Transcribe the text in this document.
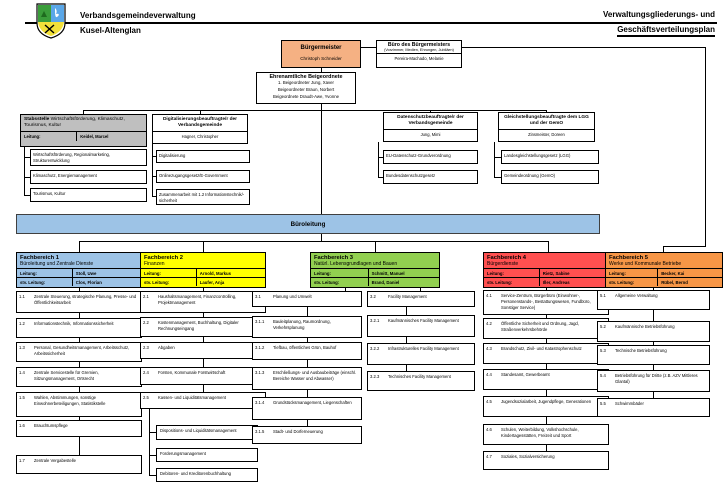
Verbandsgemeindeverwaltung
Kusel-Altenglan
Verwaltungsgliederungs- und
Geschäftsverteilungsplan
Bürgermeister
Christoph Schneider
Büro des Bürgermeisters
(Vorzimmer, Medien, Ehrungen, Jubiläen)
Pereira-Machado, Melanie
Ehrenamtliche Beigeordnete
1. Beigeordneter Jung, Xaver
Beigeordneter Braun, Norbert
Beigeordnete Draudt-Awe, Yvonne
Stabsstelle Wirtschaftsförderung, Klimaschutz, Tourismus, Kultur
Leitung:	Keidel, Marcel
Wirtschaftsförderung, Regionalmarketing, Strukturentwicklung
Klimaschutz, Energiemanagement
Tourismus, Kultur
Digitalisierungsbeauftragte/r der Verbandsgemeinde
Hagner, Christopher
Digitalisierung
Onlinezugangsgesetz/E-Government
Zusammenarbeit mit 1.2 Informationstechnik/-sicherheit
Datenschutzbeauftragte/r der Verbandsgemeinde
Jung, Mimi
EU-Datenschutz-Grundverordnung
Bundesdatenschutzgesetz
Gleichstellungsbeauftragte dem LGG und der GemO
Zinsmeister, Doreen
Landesgleichstellungsgesetz (LGG)
Gemeindeordnung (GemO)
Büroleitung
Fachbereich 1
Büroleitung und Zentrale Dienste
Leitung:	Stoll, Uwe
stv. Leitung:	Clos, Florian
1.1	Zentrale Steuerung, strategische Planung, Presse- und Öffentlichkeitsarbeit
1.2	Informationstechnik, Informationssicherheit
1.3	Personal, Gesundheitsmanagement, Arbeitsschutz, Arbeitssicherheit
1.4	Zentrale Servicestelle für Gremien, Sitzungsmanagement, Ortsrecht
1.5	Wahlen, Abstimmungen, sonstige Einwohnerbeteiligungen, Statistikstelle
1.6	Brauchtumspflege
1.7	Zentrale Vergabestelle
Fachbereich 2
Finanzen
Leitung:	Arnold, Markus
stv. Leitung:	Laufer, Anja
2.1	Haushaltsmanagement, Finanzcontrolling, Projektmanagement
2.2	Kostenmanagement, Buchhaltung, Digitaler Rechnungseingang
2.3	Abgaben
2.4	Forsten, Kommunale Forstwirtschaft
2.5	Kassen- und Liquiditätsmanagement
Dispositions- und Liquiditätsmanagement
Forderungsmanagement
Debitoren- und Kreditorenbuchhaltung
Fachbereich 3
Natürl. Lebensgrundlagen und Bauen
Leitung:	Schmitt, Manuel
stv. Leitung:	Brand, Daniel
3.1	Planung und Umwelt
3.1.1	Bauleitplanung, Raumordnung, Verkehrsplanung
3.1.2	Tiefbau, öffentliches Grün, Bauhof
3.1.3	Erschließungs- und Ausbaubeiträge (einschl. Bereiche Wasser und Abwasser)
3.1.4	Grundstücksmanagement, Liegenschaften
3.1.5	Stadt- und Dorferneuerung
3.2	Facility Management
3.2.1	Kaufmännisches Facility Management
3.2.2	Infrastrukturelles Facility Management
3.2.3	Technisches Facility Management
Fachbereich 4
Bürgerdienste
Leitung:	Rietz, Sabine
stv. Leitung:	Iller, Andreas
4.1	Service-Zentrum, Bürgerbüro (Einwohner-, Personenstands-, Bestattungswesen, Fundbüro, Sonstiger Service)
4.2	Öffentliche Sicherheit und Ordnung, Jagd, Straßenverkehrsbehörde
4.3	Brandschutz, Zivil- und Katastrophenschutz
4.4	Standesamt, Gewerbeamt
4.5	Jugendsozialarbeit, Jugendpflege, Generationen
4.6	Schulen, Weiterbildung, Volkshochschule, Kindertagesstätten, Freizeit und Sport
4.7	Soziales, Sozialversicherung
Fachbereich 5
Werke und Kommunale Betriebe
Leitung:	Becker, Kai
stv. Leitung:	Rübel, Bernd
5.1	Allgemeine Verwaltung
5.2	Kaufmännische Betriebsführung
5.3	Technische Betriebsführung
5.4	Betriebsführung für Dritte (z.B. AZV Mittleres Glantal)
5.5	Schwimmbäder
